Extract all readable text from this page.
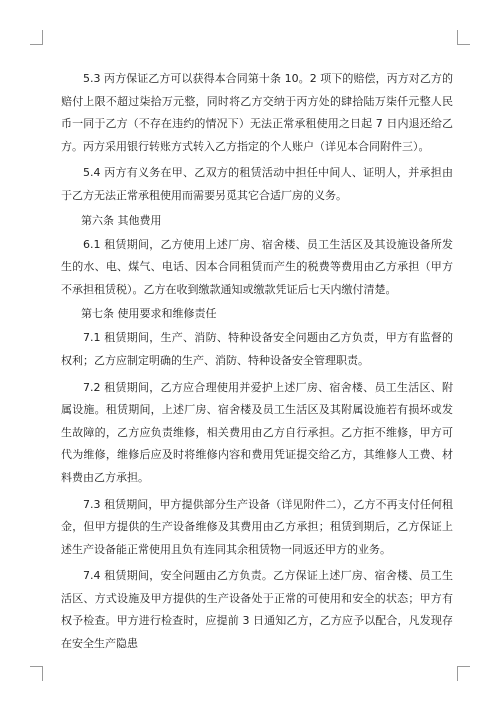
5.3 丙方保证乙方可以获得本合同第十条 10。2 项下的赔偿，丙方对乙方的赔付上限不超过柒拾万元整，同时将乙方交纳于丙方处的肆拾陆万柒仟元整人民币一同于乙方（不存在违约的情况下）无法正常承租使用之日起 7 日内退还给乙方。丙方采用银行转账方式转入乙方指定的个人账户（详见本合同附件三）。

5.4 丙方有义务在甲、乙双方的租赁活动中担任中间人、证明人，并承担由于乙方无法正常承租使用而需要另觅其它合适厂房的义务。

第六条 其他费用

6.1 租赁期间，乙方使用上述厂房、宿舍楼、员工生活区及其设施设备所发生的水、电、煤气、电话、因本合同租赁而产生的税费等费用由乙方承担（甲方不承担租赁税）。乙方在收到缴款通知或缴款凭证后七天内缴付清楚。

第七条 使用要求和维修责任

7.1 租赁期间，生产、消防、特种设备安全问题由乙方负责，甲方有监督的权利；乙方应制定明确的生产、消防、特种设备安全管理职责。

7.2 租赁期间，乙方应合理使用并爱护上述厂房、宿舍楼、员工生活区、附属设施。租赁期间，上述厂房、宿舍楼及员工生活区及其附属设施若有损坏或发生故障的，乙方应负责维修，相关费用由乙方自行承担。乙方拒不维修，甲方可代为维修，维修后应及时将维修内容和费用凭证提交给乙方，其维修人工费、材料费由乙方承担。

7.3 租赁期间，甲方提供部分生产设备（详见附件二），乙方不再支付任何租金，但甲方提供的生产设备维修及其费用由乙方承担；租赁到期后，乙方保证上述生产设备能正常使用且负有连同其余租赁物一同返还甲方的业务。

7.4 租赁期间，安全问题由乙方负责。乙方保证上述厂房、宿舍楼、员工生活区、方式设施及甲方提供的生产设备处于正常的可使用和安全的状态；甲方有权予检查。甲方进行检查时，应提前 3 日通知乙方，乙方应予以配合，凡发现存在安全生产隐患
